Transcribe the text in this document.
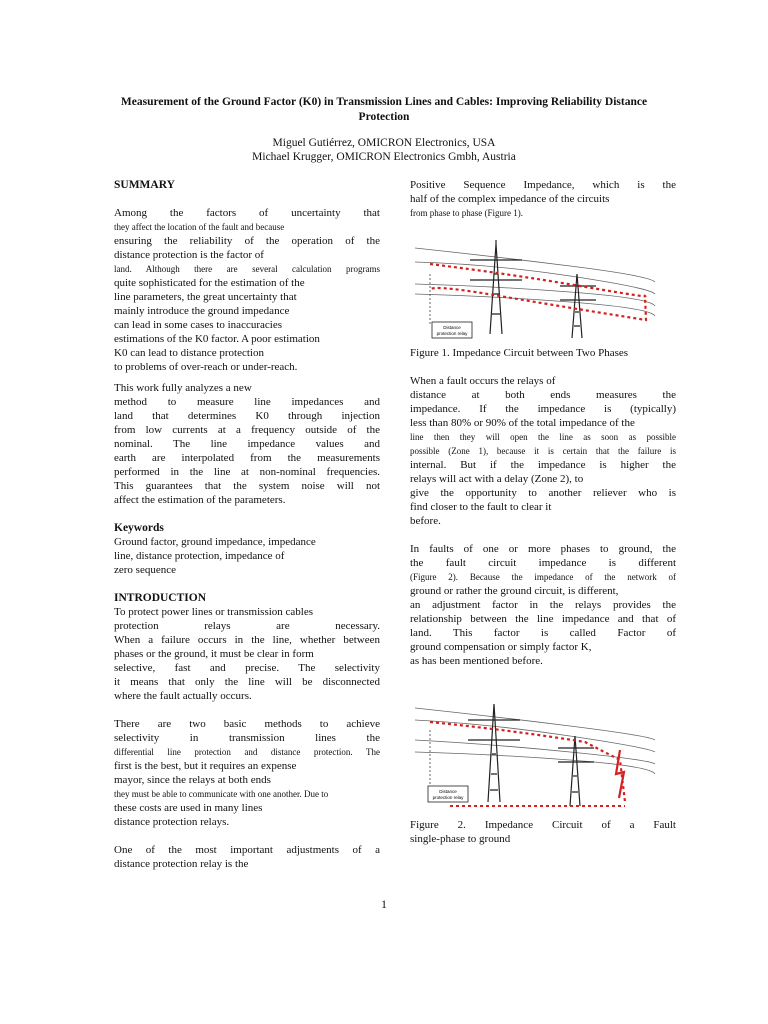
Measurement of the Ground Factor (K0) in Transmission Lines and Cables: Improving Reliability Distance Protection
Miguel Gutiérrez, OMICRON Electronics, USA
Michael Krugger, OMICRON Electronics Gmbh, Austria

SUMMARY

Among the factors of uncertainty that

they affect the location of the fault and because

ensuring the reliability of the operation of the

distance protection is the factor of

land. Although there are several calculation programs

quite sophisticated for the estimation of the

line parameters, the great uncertainty that

mainly introduce the ground impedance

can lead in some cases to inaccuracies

estimations of the K0 factor. A poor estimation

K0 can lead to distance protection

to problems of over-reach or under-reach.

This work fully analyzes a new

method to measure line impedances and

land that determines K0 through injection

from low currents at a frequency outside of the

nominal. The line impedance values and

earth are interpolated from the measurements

performed in the line at non-nominal frequencies.

This guarantees that the system noise will not

affect the estimation of the parameters.

Keywords

Ground factor, ground impedance, impedance

line, distance protection, impedance of

zero sequence

INTRODUCTION

To protect power lines or transmission cables

protection relays are necessary.

When a failure occurs in the line, whether between

phases or the ground, it must be clear in form

selective, fast and precise. The selectivity

it means that only the line will be disconnected

where the fault actually occurs.

There are two basic methods to achieve

selectivity in transmission lines the

differential line protection and distance protection. The

first is the best, but it requires an expense

mayor, since the relays at both ends

they must be able to communicate with one another. Due to

these costs are used in many lines

distance protection relays.

One of the most important adjustments of a

distance protection relay is the

Positive Sequence Impedance, which is the

half of the complex impedance of the circuits

from phase to phase (Figure 1).

Distance
protection relay

Figure 1. Impedance Circuit between Two Phases

When a fault occurs the relays of

distance at both ends measures the

impedance. If the impedance is (typically)

less than 80% or 90% of the total impedance of the

line then they will open the line as soon as possible

possible (Zone 1), because it is certain that the failure is

internal. But if the impedance is higher the

relays will act with a delay (Zone 2), to

give the opportunity to another reliever who is

find closer to the fault to clear it

before.

In faults of one or more phases to ground, the

the fault circuit impedance is different

(Figure 2). Because the impedance of the network of

ground or rather the ground circuit, is different,

an adjustment factor in the relays provides the

relationship between the line impedance and that of

land. This factor is called Factor of

ground compensation or simply factor K,

as has been mentioned before.

Distance
protection relay

Figure 2. Impedance Circuit of a Fault

single-phase to ground

1
